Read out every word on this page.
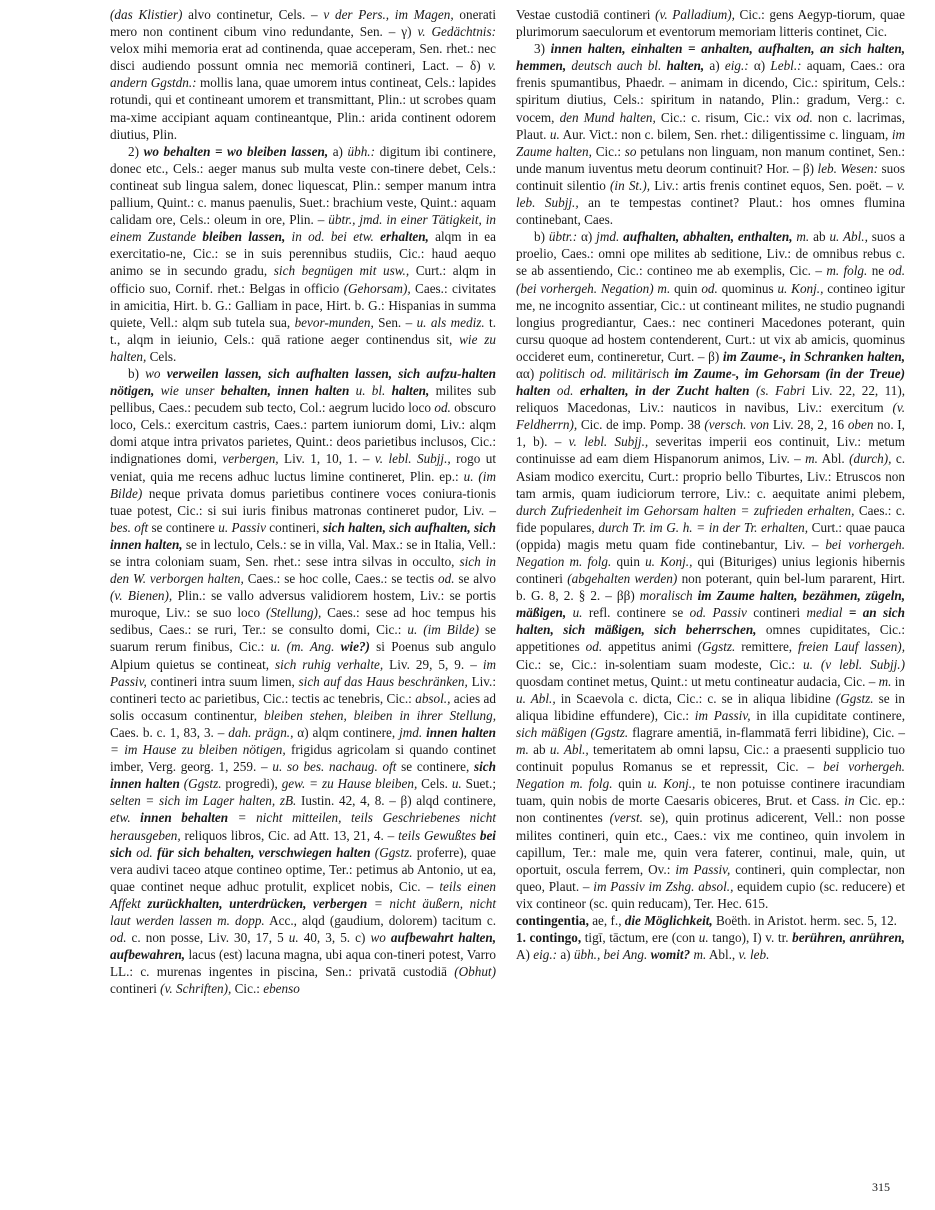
(das Klistier) alvo continetur, Cels. – v der Pers., im Magen, onerati mero non continent cibum vino redundante, Sen. – γ) v. Gedächtnis: velox mihi memoria erat ad continenda, quae acceperam, Sen. rhet.: nec disci audiendo possunt omnia nec memoriā contineri, Lact. – δ) v. andern Ggstdn.: mollis lana, quae umorem intus contineat, Cels.: lapides rotundi, qui et contineant umorem et transmittant, Plin.: ut scrobes quam ma-xime accipiant aquam contineantque, Plin.: arida continent odorem diutius, Plin.

2) wo behalten = wo bleiben lassen, a) übh.: digitum ibi continere, donec etc., Cels.: aeger manus sub multa veste con-tinere debet, Cels.: contineat sub lingua salem, donec liquescat, Plin.: semper manum intra pallium, Quint.: c. manus paenulis, Suet.: brachium veste, Quint.: aquam calidam ore, Cels.: oleum in ore, Plin. – übtr., jmd. in einer Tätigkeit, in einem Zustande bleiben lassen, in od. bei etw. erhalten, alqm in ea exercitatio-ne, Cic.: se in suis perennibus studiis, Cic.: haud aequo animo se in secundo gradu, sich begnügen mit usw., Curt.: alqm in officio suo, Cornif. rhet.: Belgas in officio (Gehorsam), Caes.: civitates in amicitia, Hirt. b. G.: Galliam in pace, Hirt. b. G.: Hispanias in summa quiete, Vell.: alqm sub tutela sua, bevor-munden, Sen. – u. als mediz. t. t., alqm in ieiunio, Cels.: quā ratione aeger continendus sit, wie zu halten, Cels.

b) wo verweilen lassen, sich aufhalten lassen, sich aufzu-halten nötigen, wie unser behalten, innen halten u. bl. halten, milites sub pellibus, Caes.: pecudem sub tecto, Col.: aegrum lucido loco od. obscuro loco, Cels.: exercitum castris, Caes.: partem iuniorum domi, Liv.: alqm domi atque intra privatos parietes, Quint.: deos parietibus inclusos, Cic.: indignationes domi, verbergen, Liv. 1, 10, 1. – v. lebl. Subjj., rogo ut veniat, quia me recens adhuc luctus limine contineret, Plin. ep.: u. (im Bilde) neque privata domus parietibus continere voces coniura-tionis tuae potest, Cic.: si sui iuris finibus matronas contineret pudor, Liv. – bes. oft se continere u. Passiv contineri, sich halten, sich aufhalten, sich innen halten, se in lectulo, Cels.: se in villa, Val. Max.: se in Italia, Vell.: se intra coloniam suam, Sen. rhet.: sese intra silvas in occulto, sich in den W. verborgen halten, Caes.: se hoc colle, Caes.: se tectis od. se alvo (v. Bienen), Plin.: se vallo adversus validiorem hostem, Liv.: se portis muroque, Liv.: se suo loco (Stellung), Caes.: sese ad hoc tempus his sedibus, Caes.: se ruri, Ter.: se consulto domi, Cic.: u. (im Bilde) se suarum rerum finibus, Cic.: u. (m. Ang. wie?) si Poenus sub angulo Alpium quietus se contineat, sich ruhig verhalte, Liv. 29, 5, 9. – im Passiv, contineri intra suum limen, sich auf das Haus beschränken, Liv.: contineri tecto ac parietibus, Cic.: tectis ac tenebris, Cic.: absol., acies ad solis occasum continentur, bleiben stehen, bleiben in ihrer Stellung, Caes. b. c. 1, 83, 3. – dah. prägn., α) alqm continere, jmd. innen halten = im Hause zu bleiben nötigen, frigidus agricolam si quando continet imber, Verg. georg. 1, 259. – u. so bes. nachaug. oft se continere, sich innen halten (Ggstz. progredi), gew. = zu Hause bleiben, Cels. u. Suet.; selten = sich im Lager halten, zB. Iustin. 42, 4, 8. – β) alqd continere, etw. innen behalten = nicht mitteilen, teils Geschriebenes nicht herausgeben, reliquos libros, Cic. ad Att. 13, 21, 4. – teils Gewußtes bei sich od. für sich behalten, verschwiegen halten (Ggstz. proferre), quae vera audivi taceo atque contineo optime, Ter.: petimus ab Antonio, ut ea, quae continet neque adhuc protulit, explicet nobis, Cic. – teils einen Affekt zurückhalten, unterdrücken, verbergen = nicht äußern, nicht laut werden lassen m. dopp. Acc., alqd (gaudium, dolorem) tacitum c. od. c. non posse, Liv. 30, 17, 5 u. 40, 3, 5. c) wo aufbewahrt halten, aufbewahren, lacus (est) lacuna magna, ubi aqua con-tineri potest, Varro LL.: c. murenas ingentes in piscina, Sen.: privatā custodiā (Obhut) contineri (v. Schriften), Cic.: ebenso

Vestae custodiā contineri (v. Palladium), Cic.: gens Aegyp-tiorum, quae plurimorum saeculorum et eventorum memoriam litteris continet, Cic.

3) innen halten, einhalten = anhalten, aufhalten, an sich halten, hemmen, deutsch auch bl. halten, a) eig.: α) Lebl.: aquam, Caes.: ora frenis spumantibus, Phaedr. – animam in dicendo, Cic.: spiritum, Cels.: spiritum diutius, Cels.: spiritum in natando, Plin.: gradum, Verg.: c. vocem, den Mund halten, Cic.: c. risum, Cic.: vix od. non c. lacrimas, Plaut. u. Aur. Vict.: non c. bilem, Sen. rhet.: diligentissime c. linguam, im Zaume halten, Cic.: so petulans non linguam, non manum continet, Sen.: unde manum iuventus metu deorum continuit? Hor. – β) leb. Wesen: suos continuit silentio (in St.), Liv.: artis frenis continet equos, Sen. poët. – v. leb. Subjj., an te tempestas continet? Plaut.: hos omnes flumina continebant, Caes.

b) übtr.: α) jmd. aufhalten, abhalten, enthalten, m. ab u. Abl., suos a proelio, Caes.: omni ope milites ab seditione, Liv.: de omnibus rebus c. se ab assentiendo, Cic.: contineo me ab exemplis, Cic. – m. folg. ne od. (bei vorhergeh. Negation) m. quin od. quominus u. Konj., contineo igitur me, ne incognito assentiar, Cic.: ut contineant milites, ne studio pugnandi longius progrediantur, Caes.: nec contineri Macedones poterant, quin cursu quoque ad hostem contenderent, Curt.: ut vix ab amicis, quominus occideret eum, contineretur, Curt. – β) im Zaume-, in Schranken halten, αα) politisch od. militärisch im Zaume-, im Gehorsam (in der Treue) halten od. erhalten, in der Zucht halten (s. Fabri Liv. 22, 22, 11), reliquos Macedonas, Liv.: nauticos in navibus, Liv.: exercitum (v. Feldherrn), Cic. de imp. Pomp. 38 (versch. von Liv. 28, 2, 16 oben no. I, 1, b). – v. lebl. Subjj., severitas imperii eos continuit, Liv.: metum continuisse ad eam diem Hispanorum animos, Liv. – m. Abl. (durch), c. Asiam modico exercitu, Curt.: proprio bello Tiburtes, Liv.: Etruscos non tam armis, quam iudiciorum terrore, Liv.: c. aequitate animi plebem, durch Zufriedenheit im Gehorsam halten = zufrieden erhalten, Caes.: c. fide populares, durch Tr. im G. h. = in der Tr. erhalten, Curt.: quae pauca (oppida) magis metu quam fide continebantur, Liv. – bei vorhergeh. Negation m. folg. quin u. Konj., qui (Bituriges) unius legionis hibernis contineri (abgehalten werden) non poterant, quin bel-lum pararent, Hirt. b. G. 8, 2. § 2. – ββ) moralisch im Zaume halten, bezähmen, zügeln, mäßigen, u. refl. continere se od. Passiv contineri medial = an sich halten, sich mäßigen, sich beherrschen, omnes cupiditates, Cic.: appetitiones od. appetitus animi (Ggstz. remittere, freien Lauf lassen), Cic.: se, Cic.: in-solentiam suam modeste, Cic.: u. (v lebl. Subjj.) quosdam continet metus, Quint.: ut metu contineatur audacia, Cic. – m. in u. Abl., in Scaevola c. dicta, Cic.: c. se in aliqua libidine (Ggstz. se in aliqua libidine effundere), Cic.: im Passiv, in illa cupiditate continere, sich mäßigen (Ggstz. flagrare amentiā, in-flammatā ferri libidine), Cic. – m. ab u. Abl., temeritatem ab omni lapsu, Cic.: a praesenti supplicio tuo continuit populus Romanus se et repressit, Cic. – bei vorhergeh. Negation m. folg. quin u. Konj., te non potuisse continere iracundiam tuam, quin nobis de morte Caesaris obiceres, Brut. et Cass. in Cic. ep.: non continentes (verst. se), quin protinus adicerent, Vell.: non posse milites contineri, quin etc., Caes.: vix me contineo, quin involem in capillum, Ter.: male me, quin vera faterer, continui, male, quin, ut oportuit, oscula ferrem, Ov.: im Passiv, contineri, quin complectar, non queo, Plaut. – im Passiv im Zshg. absol., equidem cupio (sc. reducere) et vix contineor (sc. quin reducam), Ter. Hec. 615.

contingentia, ae, f., die Möglichkeit, Boëth. in Aristot. herm. sec. 5, 12.

1. contingo, tigī, tāctum, ere (con u. tango), I) v. tr. berühren, anrühren, A) eig.: a) übh., bei Ang. womit? m. Abl., v. leb.

315
